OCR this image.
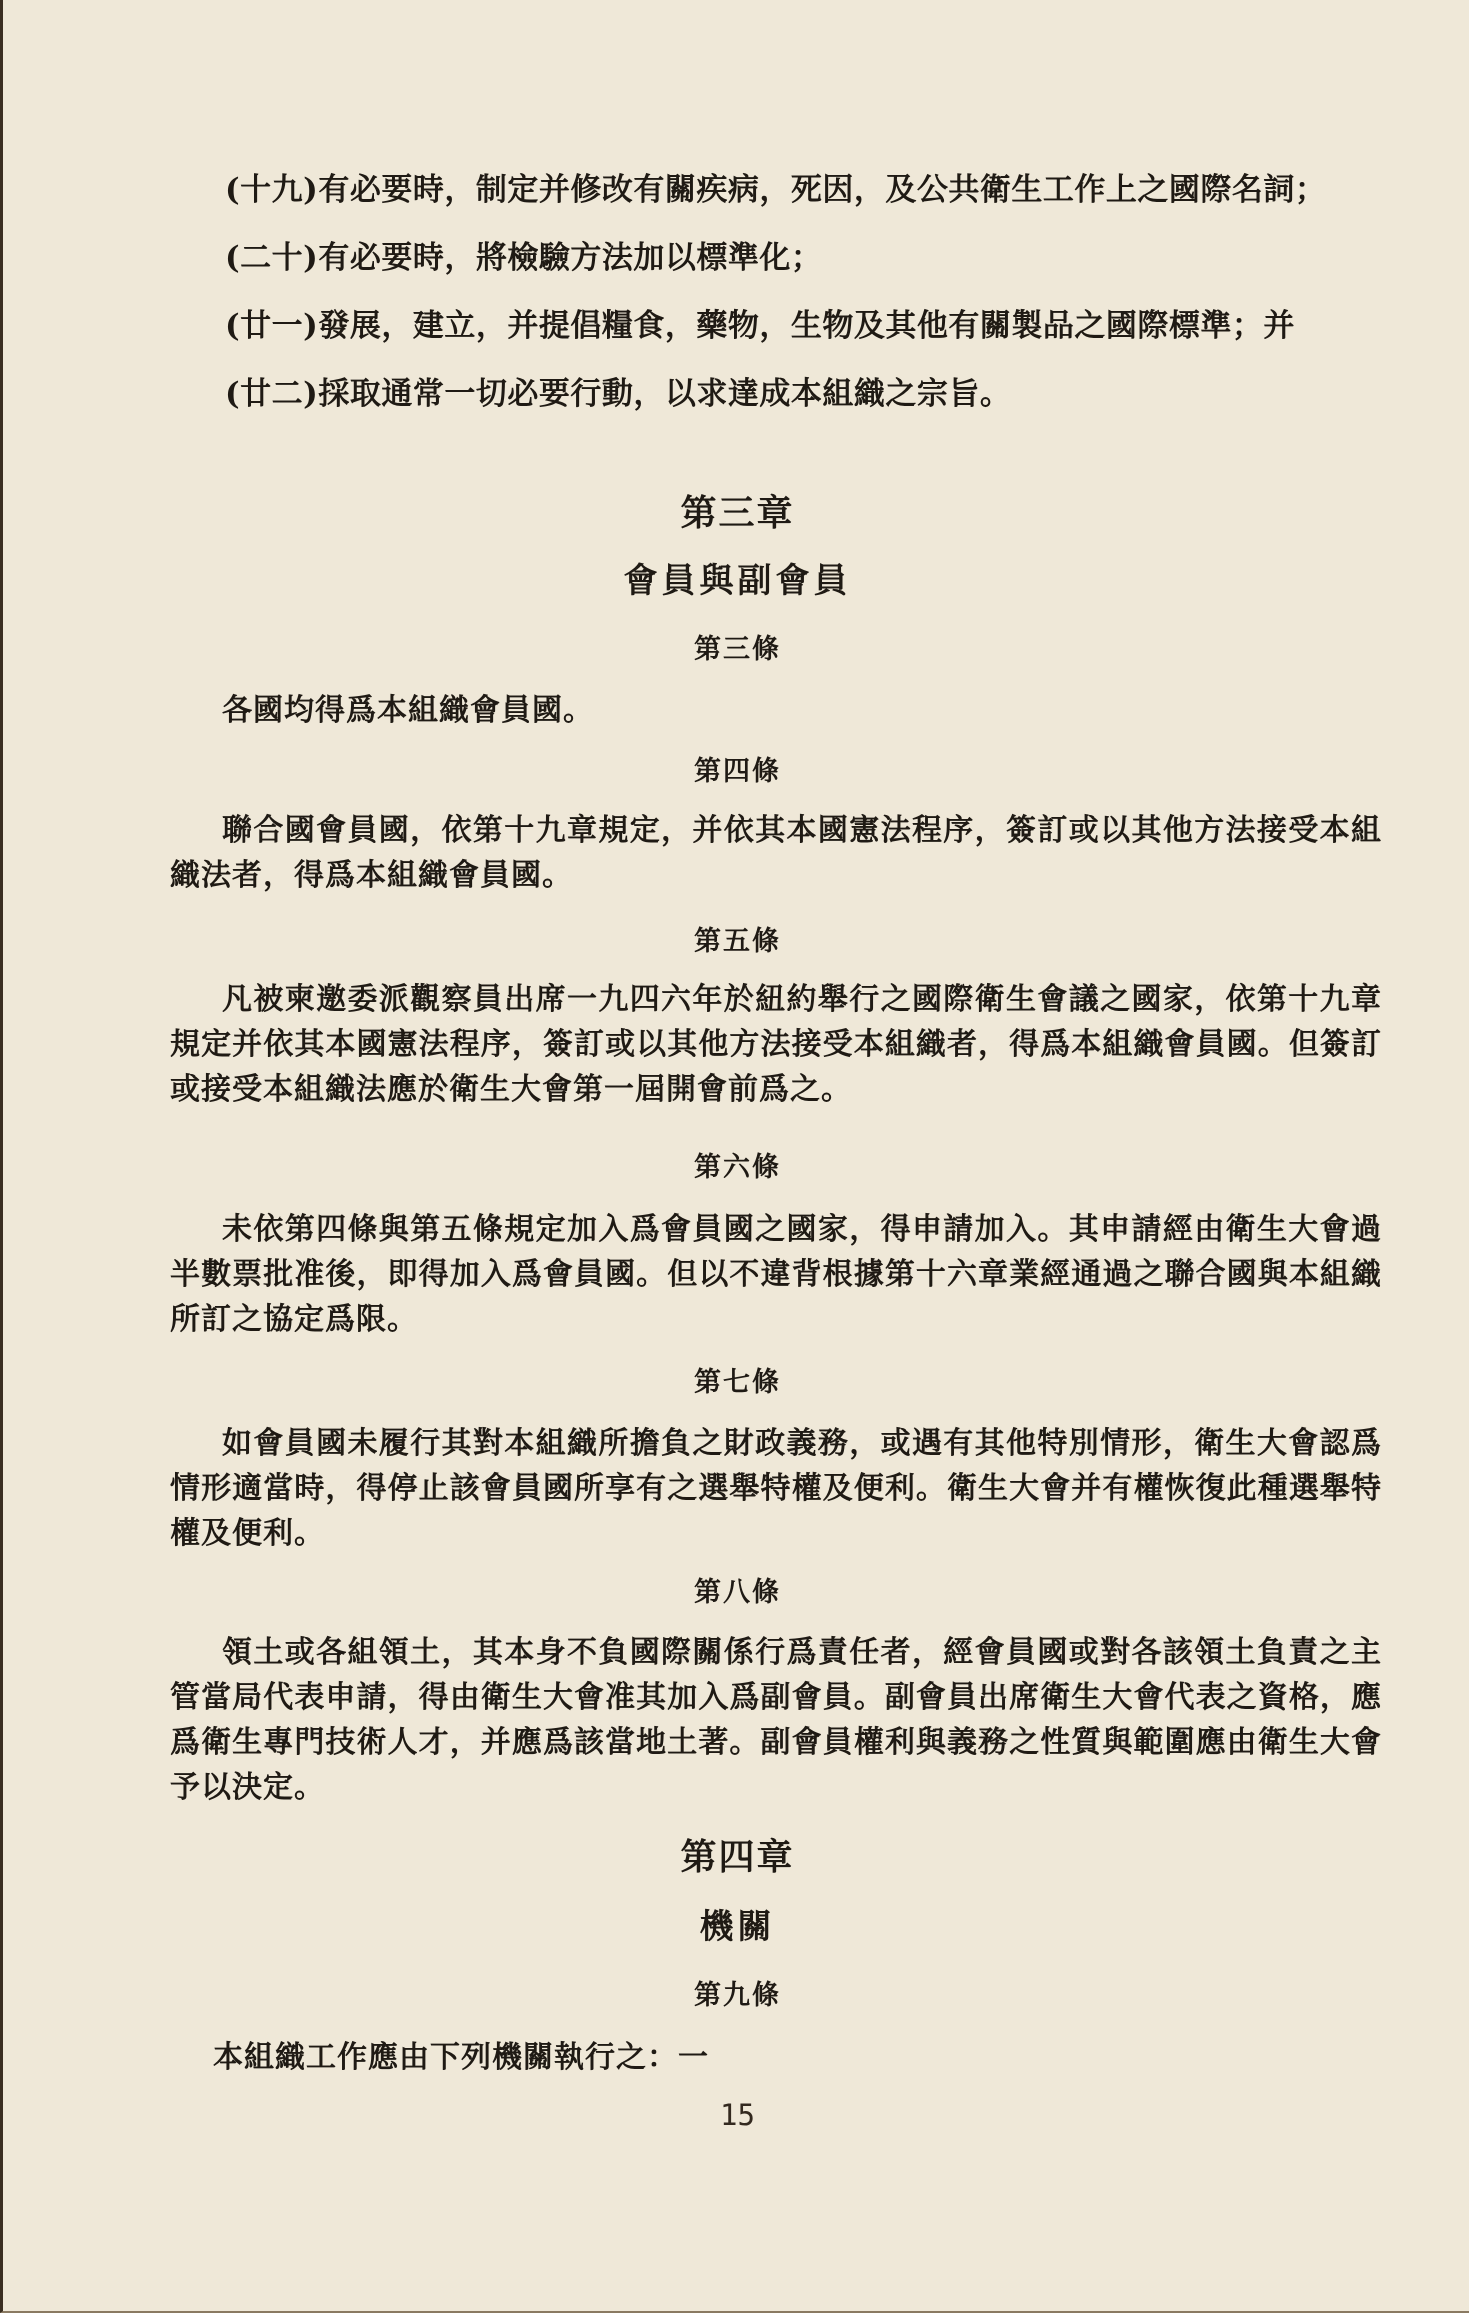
(十九)有必要時，制定并修改有關疾病，死因，及公共衛生工作上之國際名詞；
(二十)有必要時，將檢驗方法加以標準化；
(廿一)發展，建立，并提倡糧食，藥物，生物及其他有關製品之國際標準；并
(廿二)採取通常一切必要行動，以求達成本組織之宗旨。
第三章
會員與副會員
第三條
各國均得爲本組織會員國。
第四條
聯合國會員國，依第十九章規定，并依其本國憲法程序，簽訂或以其他方法接受本組織法者，得爲本組織會員國。
第五條
凡被柬邀委派觀察員出席一九四六年於紐約舉行之國際衛生會議之國家，依第十九章規定并依其本國憲法程序，簽訂或以其他方法接受本組織者，得爲本組織會員國。但簽訂或接受本組織法應於衛生大會第一屆開會前爲之。
第六條
未依第四條與第五條規定加入爲會員國之國家，得申請加入。其申請經由衛生大會過半數票批准後，即得加入爲會員國。但以不違背根據第十六章業經通過之聯合國與本組織所訂之協定爲限。
第七條
如會員國未履行其對本組織所擔負之財政義務，或遇有其他特別情形，衛生大會認爲情形適當時，得停止該會員國所享有之選舉特權及便利。衛生大會并有權恢復此種選舉特權及便利。
第八條
領土或各組領土，其本身不負國際關係行爲責任者，經會員國或對各該領土負責之主管當局代表申請，得由衛生大會准其加入爲副會員。副會員出席衛生大會代表之資格，應爲衛生專門技術人才，并應爲該當地土著。副會員權利與義務之性質與範圍應由衛生大會予以決定。
第四章
機關
第九條
本組織工作應由下列機關執行之：一
15
